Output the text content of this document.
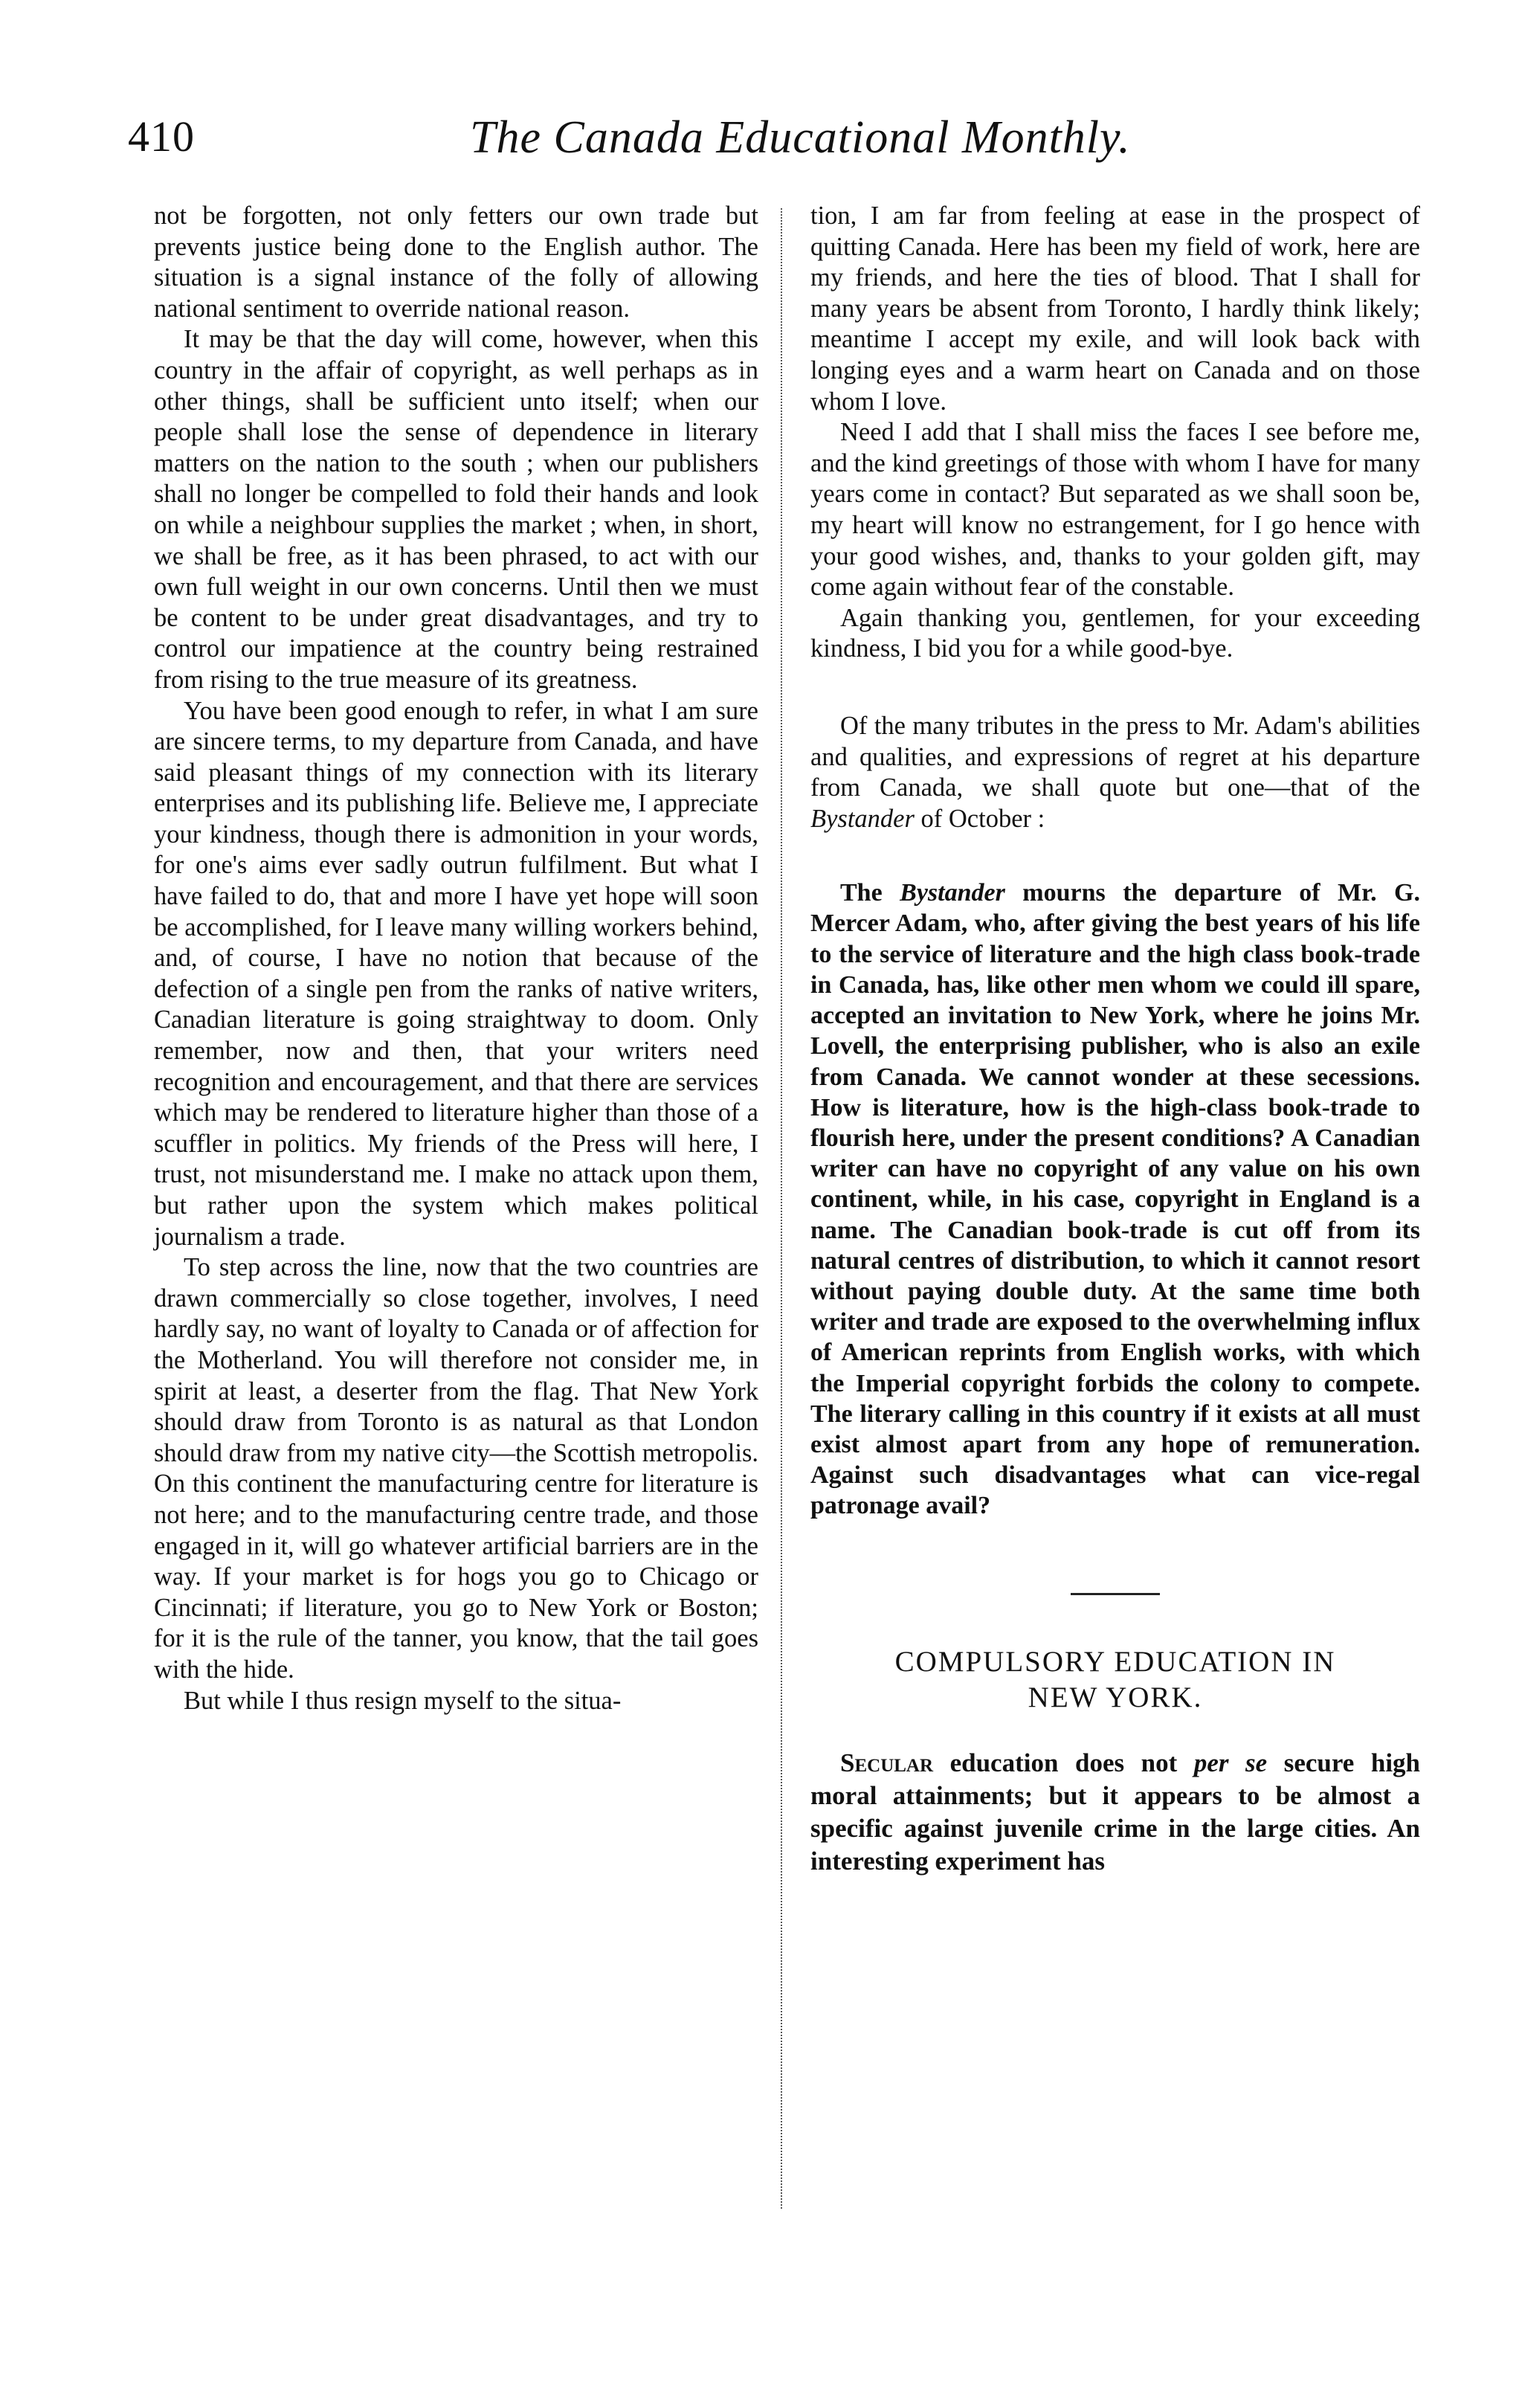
410	The Canada Educational Monthly.

not be forgotten, not only fetters our own trade but prevents justice being done to the English author. The situation is a signal instance of the folly of allowing national sentiment to override national reason.

It may be that the day will come, however, when this country in the affair of copyright, as well perhaps as in other things, shall be sufficient unto itself; when our people shall lose the sense of dependence in literary matters on the nation to the south ; when our publishers shall no longer be compelled to fold their hands and look on while a neighbour supplies the market ; when, in short, we shall be free, as it has been phrased, to act with our own full weight in our own concerns. Until then we must be content to be under great disadvantages, and try to control our impatience at the country being restrained from rising to the true measure of its greatness.

You have been good enough to refer, in what I am sure are sincere terms, to my departure from Canada, and have said pleasant things of my connection with its literary enterprises and its publishing life. Believe me, I appreciate your kindness, though there is admonition in your words, for one's aims ever sadly outrun fulfilment. But what I have failed to do, that and more I have yet hope will soon be accomplished, for I leave many willing workers behind, and, of course, I have no notion that because of the defection of a single pen from the ranks of native writers, Canadian literature is going straightway to doom. Only remember, now and then, that your writers need recognition and encouragement, and that there are services which may be rendered to literature higher than those of a scuffler in politics. My friends of the Press will here, I trust, not misunderstand me. I make no attack upon them, but rather upon the system which makes political journalism a trade.

To step across the line, now that the two countries are drawn commercially so close together, involves, I need hardly say, no want of loyalty to Canada or of affection for the Motherland. You will therefore not consider me, in spirit at least, a deserter from the flag. That New York should draw from Toronto is as natural as that London should draw from my native city—the Scottish metropolis. On this continent the manufacturing centre for literature is not here; and to the manufacturing centre trade, and those engaged in it, will go whatever artificial barriers are in the way. If your market is for hogs you go to Chicago or Cincinnati; if literature, you go to New York or Boston; for it is the rule of the tanner, you know, that the tail goes with the hide.

But while I thus resign myself to the situa-

tion, I am far from feeling at ease in the prospect of quitting Canada. Here has been my field of work, here are my friends, and here the ties of blood. That I shall for many years be absent from Toronto, I hardly think likely; meantime I accept my exile, and will look back with longing eyes and a warm heart on Canada and on those whom I love.

Need I add that I shall miss the faces I see before me, and the kind greetings of those with whom I have for many years come in contact? But separated as we shall soon be, my heart will know no estrangement, for I go hence with your good wishes, and, thanks to your golden gift, may come again without fear of the constable.

Again thanking you, gentlemen, for your exceeding kindness, I bid you for a while good-bye.

Of the many tributes in the press to Mr. Adam's abilities and qualities, and expressions of regret at his departure from Canada, we shall quote but one—that of the Bystander of October :

The Bystander mourns the departure of Mr. G. Mercer Adam, who, after giving the best years of his life to the service of literature and the high class book-trade in Canada, has, like other men whom we could ill spare, accepted an invitation to New York, where he joins Mr. Lovell, the enterprising publisher, who is also an exile from Canada. We cannot wonder at these secessions. How is literature, how is the high-class book-trade to flourish here, under the present conditions? A Canadian writer can have no copyright of any value on his own continent, while, in his case, copyright in England is a name. The Canadian book-trade is cut off from its natural centres of distribution, to which it cannot resort without paying double duty. At the same time both writer and trade are exposed to the overwhelming influx of American reprints from English works, with which the Imperial copyright forbids the colony to compete. The literary calling in this country if it exists at all must exist almost apart from any hope of remuneration. Against such disadvantages what can vice-regal patronage avail?

COMPULSORY EDUCATION IN
NEW YORK.

Secular education does not per se secure high moral attainments; but it appears to be almost a specific against juvenile crime in the large cities. An interesting experiment has
